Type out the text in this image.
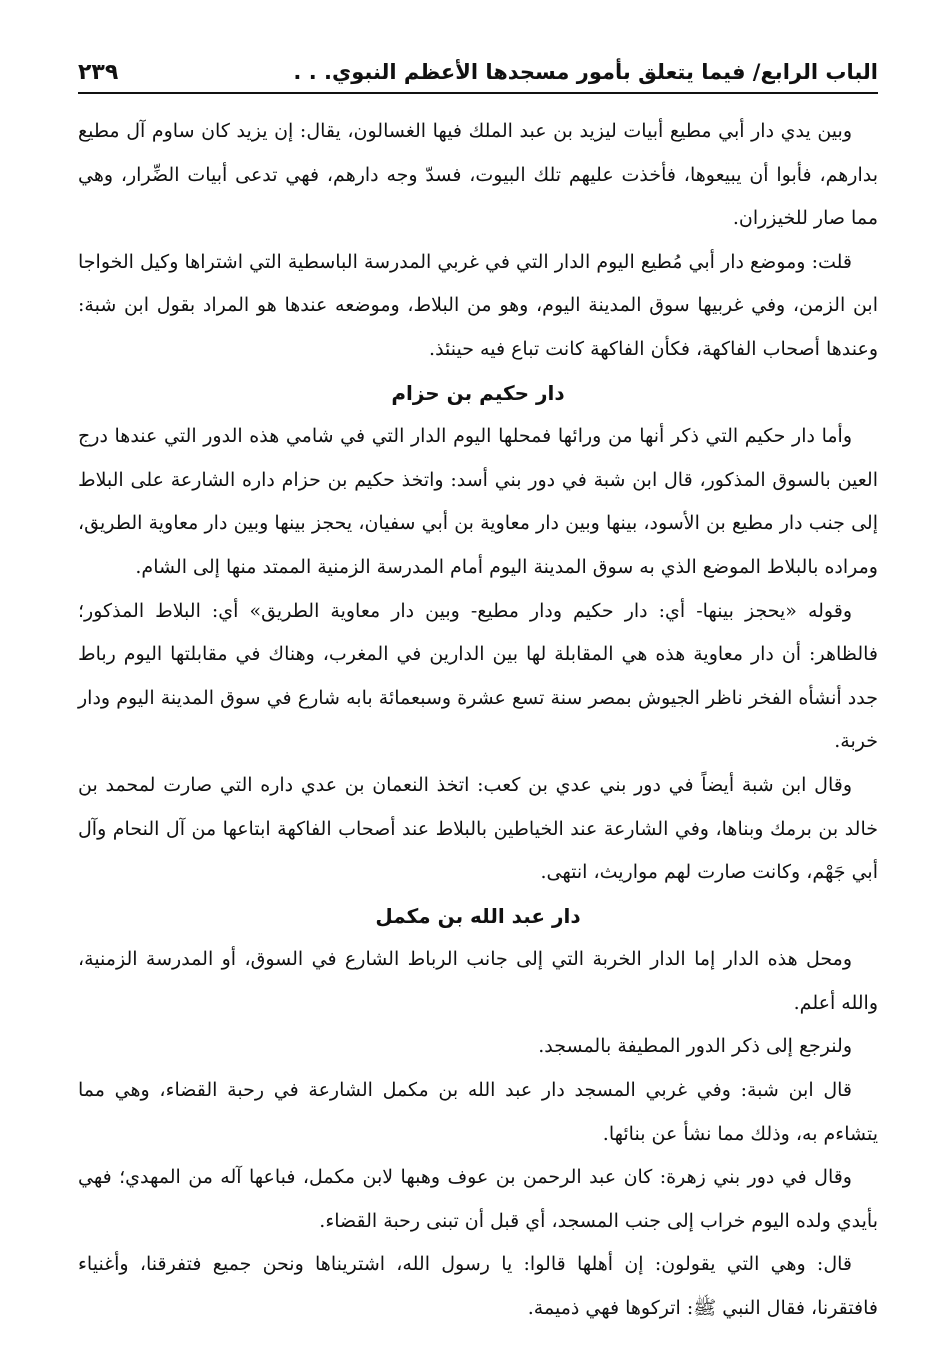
الباب الرابع/ فيما يتعلق بأمور مسجدها الأعظم النبوي. . .
٢٣٩

وبين يدي دار أبي مطيع أبيات ليزيد بن عبد الملك فيها الغسالون، يقال: إن يزيد كان ساوم آل مطيع بدارهم، فأبوا أن يبيعوها، فأخذت عليهم تلك البيوت، فسدّ وجه دارهم، فهي تدعى أبيات الضِّرار، وهي مما صار للخيزران.

قلت: وموضع دار أبي مُطيع اليوم الدار التي في غربي المدرسة الباسطية التي اشتراها وكيل الخواجا ابن الزمن، وفي غربيها سوق المدينة اليوم، وهو من البلاط، وموضعه عندها هو المراد بقول ابن شبة: وعندها أصحاب الفاكهة، فكأن الفاكهة كانت تباع فيه حينئذ.

دار حكيم بن حزام

وأما دار حكيم التي ذكر أنها من ورائها فمحلها اليوم الدار التي في شامي هذه الدور التي عندها درج العين بالسوق المذكور، قال ابن شبة في دور بني أسد: واتخذ حكيم بن حزام داره الشارعة على البلاط إلى جنب دار مطيع بن الأسود، بينها وبين دار معاوية بن أبي سفيان، يحجز بينها وبين دار معاوية الطريق، ومراده بالبلاط الموضع الذي به سوق المدينة اليوم أمام المدرسة الزمنية الممتد منها إلى الشام.

وقوله «يحجز بينها- أي: دار حكيم ودار مطيع- وبين دار معاوية الطريق» أي: البلاط المذكور؛ فالظاهر: أن دار معاوية هذه هي المقابلة لها بين الدارين في المغرب، وهناك في مقابلتها اليوم رباط جدد أنشأه الفخر ناظر الجيوش بمصر سنة تسع عشرة وسبعمائة بابه شارع في سوق المدينة اليوم ودار خربة.

وقال ابن شبة أيضاً في دور بني عدي بن كعب: اتخذ النعمان بن عدي داره التي صارت لمحمد بن خالد بن برمك وبناها، وفي الشارعة عند الخياطين بالبلاط عند أصحاب الفاكهة ابتاعها من آل النحام وآل أبي جَهْم، وكانت صارت لهم مواريث، انتهى.

دار عبد الله بن مكمل

ومحل هذه الدار إما الدار الخربة التي إلى جانب الرباط الشارع في السوق، أو المدرسة الزمنية، والله أعلم.

ولنرجع إلى ذكر الدور المطيفة بالمسجد.

قال ابن شبة: وفي غربي المسجد دار عبد الله بن مكمل الشارعة في رحبة القضاء، وهي مما يتشاءم به، وذلك مما نشأ عن بنائها.

وقال في دور بني زهرة: كان عبد الرحمن بن عوف وهبها لابن مكمل، فباعها آله من المهدي؛ فهي بأيدي ولده اليوم خراب إلى جنب المسجد، أي قبل أن تبنى رحبة القضاء.

قال: وهي التي يقولون: إن أهلها قالوا: يا رسول الله، اشتريناها ونحن جميع فتفرقنا، وأغنياء فافتقرنا، فقال النبي ﷺ: اتركوها فهي ذميمة.
